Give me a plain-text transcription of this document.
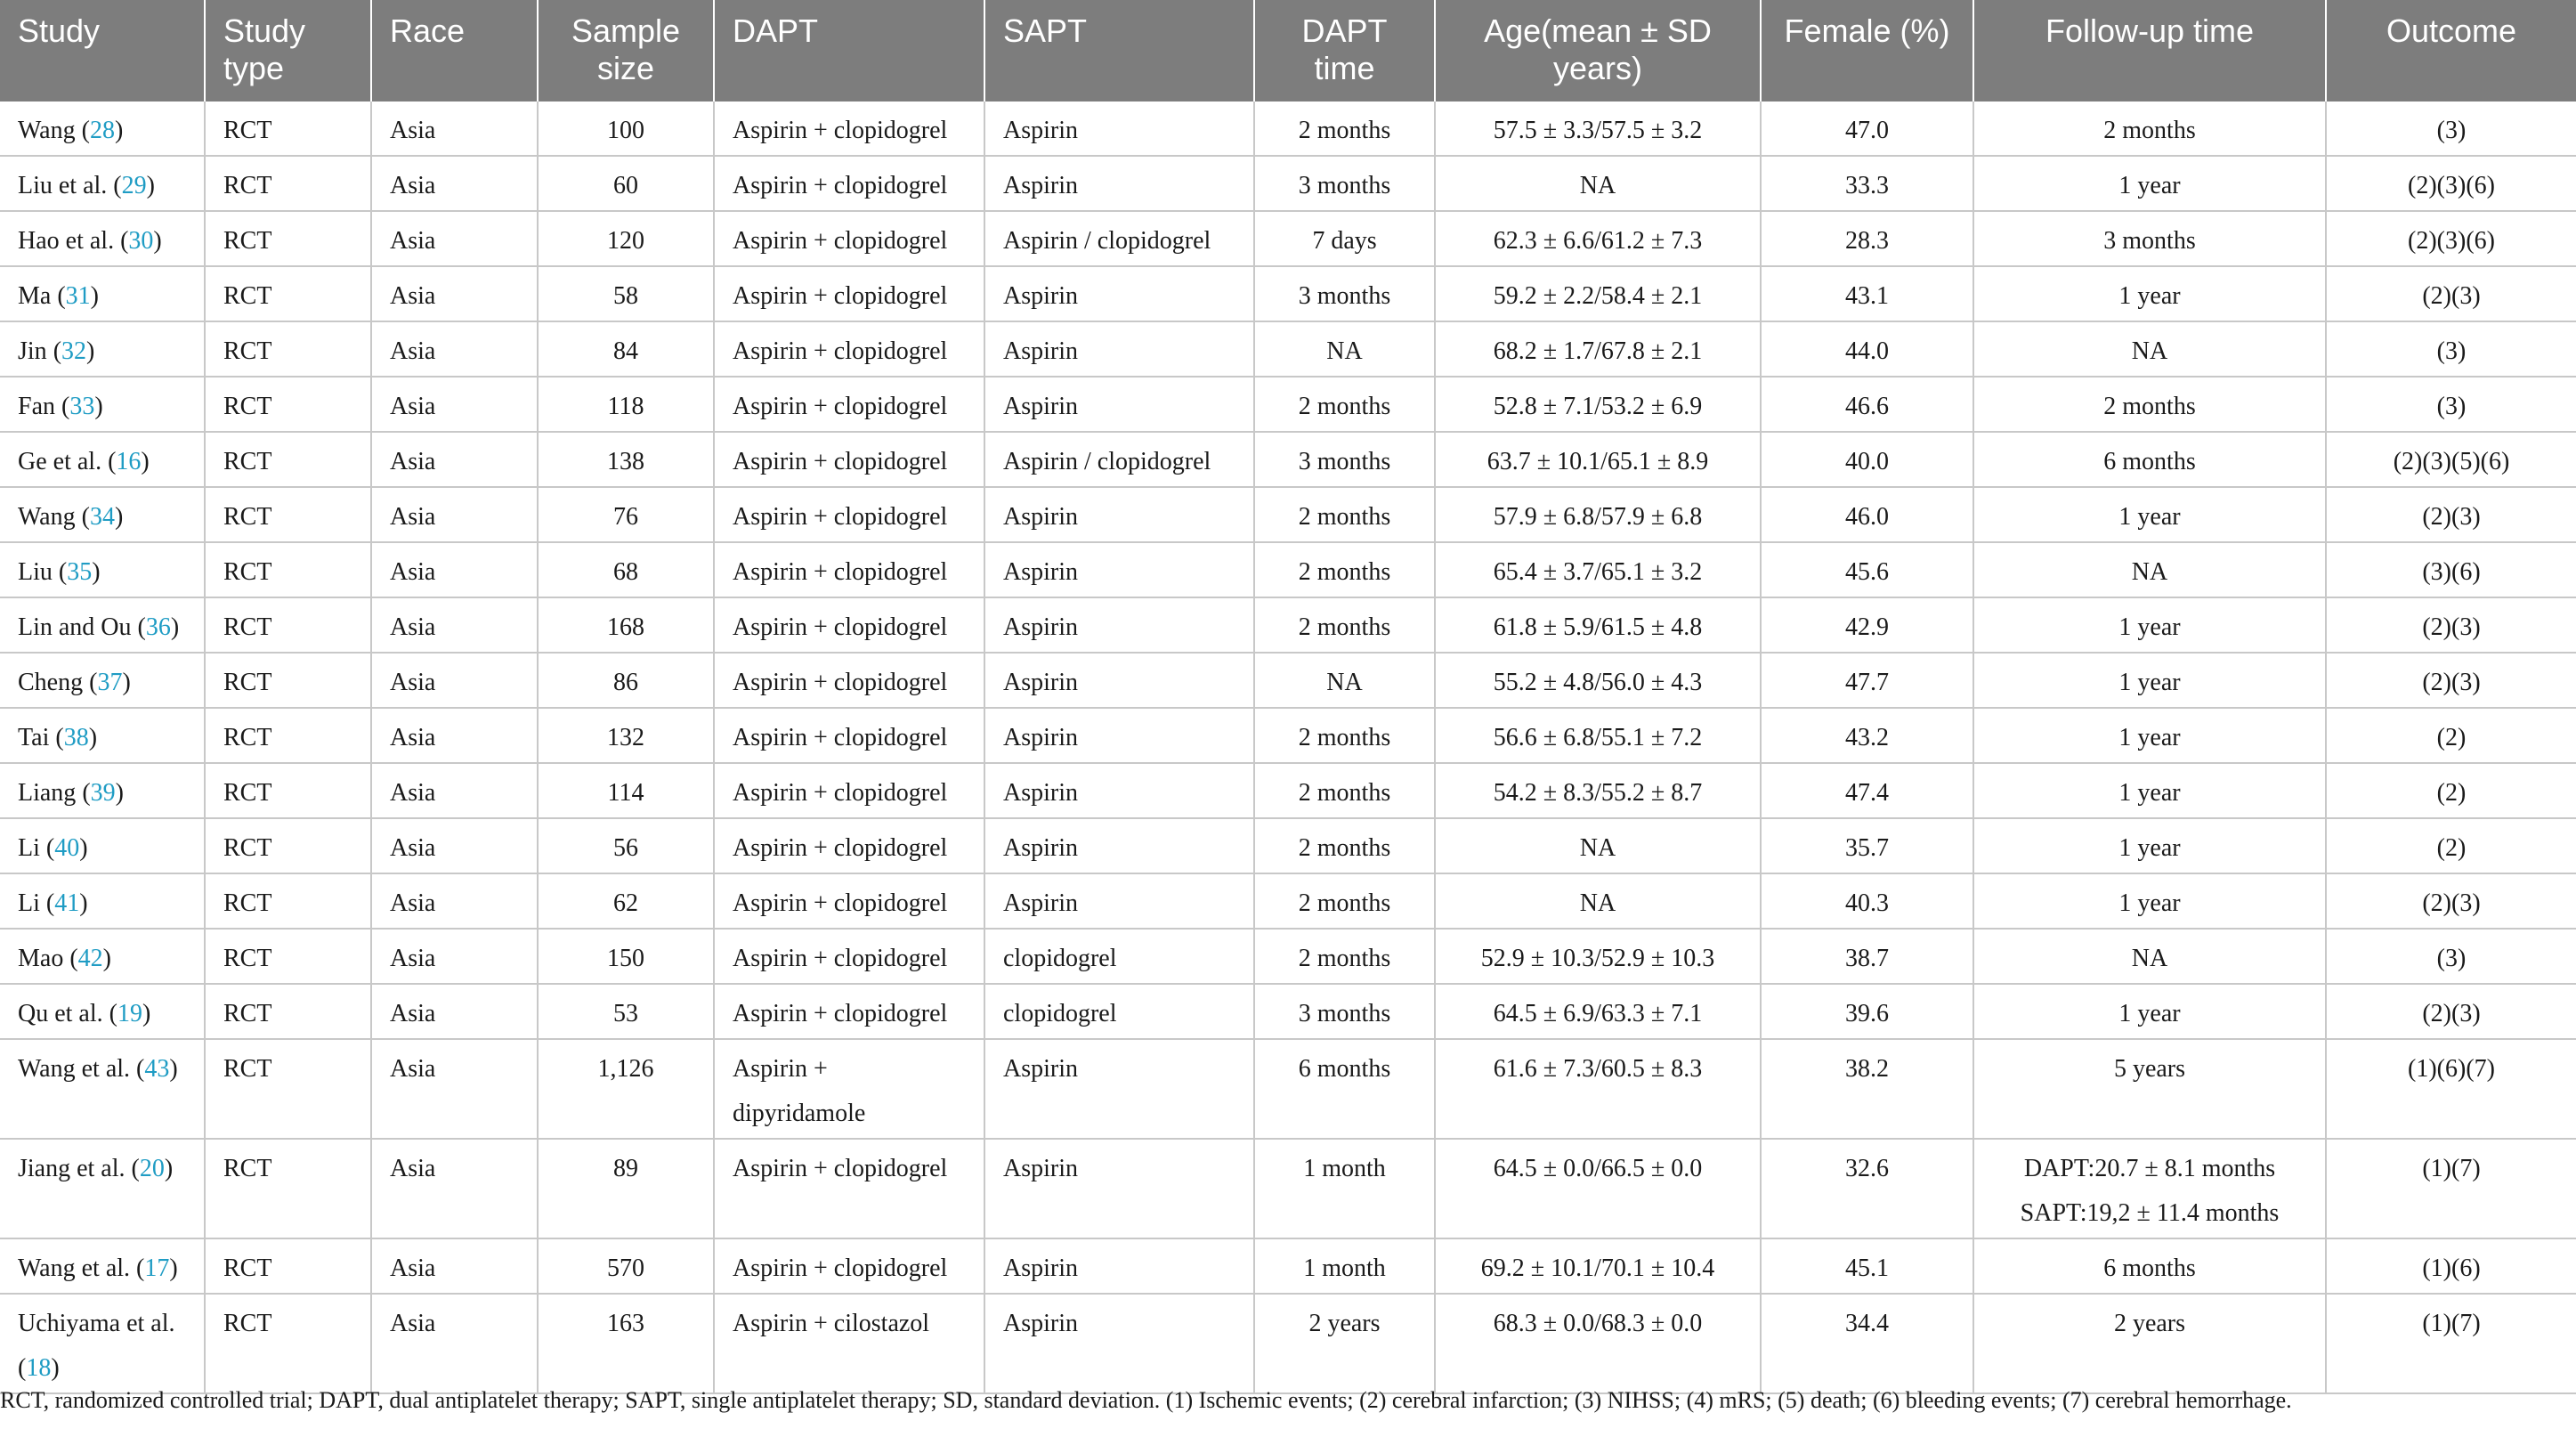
Study	Study type	Race	Sample size	DAPT	SAPT	DAPT time	Age(mean ± SD years)	Female (%)	Follow-up time	Outcome
Wang (28)	RCT	Asia	100	Aspirin + clopidogrel	Aspirin	2 months	57.5 ± 3.3/57.5 ± 3.2	47.0	2 months	(3)
Liu et al. (29)	RCT	Asia	60	Aspirin + clopidogrel	Aspirin	3 months	NA	33.3	1 year	(2)(3)(6)
Hao et al. (30)	RCT	Asia	120	Aspirin + clopidogrel	Aspirin / clopidogrel	7 days	62.3 ± 6.6/61.2 ± 7.3	28.3	3 months	(2)(3)(6)
Ma (31)	RCT	Asia	58	Aspirin + clopidogrel	Aspirin	3 months	59.2 ± 2.2/58.4 ± 2.1	43.1	1 year	(2)(3)
Jin (32)	RCT	Asia	84	Aspirin + clopidogrel	Aspirin	NA	68.2 ± 1.7/67.8 ± 2.1	44.0	NA	(3)
Fan (33)	RCT	Asia	118	Aspirin + clopidogrel	Aspirin	2 months	52.8 ± 7.1/53.2 ± 6.9	46.6	2 months	(3)
Ge et al. (16)	RCT	Asia	138	Aspirin + clopidogrel	Aspirin / clopidogrel	3 months	63.7 ± 10.1/65.1 ± 8.9	40.0	6 months	(2)(3)(5)(6)
Wang (34)	RCT	Asia	76	Aspirin + clopidogrel	Aspirin	2 months	57.9 ± 6.8/57.9 ± 6.8	46.0	1 year	(2)(3)
Liu (35)	RCT	Asia	68	Aspirin + clopidogrel	Aspirin	2 months	65.4 ± 3.7/65.1 ± 3.2	45.6	NA	(3)(6)
Lin and Ou (36)	RCT	Asia	168	Aspirin + clopidogrel	Aspirin	2 months	61.8 ± 5.9/61.5 ± 4.8	42.9	1 year	(2)(3)
Cheng (37)	RCT	Asia	86	Aspirin + clopidogrel	Aspirin	NA	55.2 ± 4.8/56.0 ± 4.3	47.7	1 year	(2)(3)
Tai (38)	RCT	Asia	132	Aspirin + clopidogrel	Aspirin	2 months	56.6 ± 6.8/55.1 ± 7.2	43.2	1 year	(2)
Liang (39)	RCT	Asia	114	Aspirin + clopidogrel	Aspirin	2 months	54.2 ± 8.3/55.2 ± 8.7	47.4	1 year	(2)
Li (40)	RCT	Asia	56	Aspirin + clopidogrel	Aspirin	2 months	NA	35.7	1 year	(2)
Li (41)	RCT	Asia	62	Aspirin + clopidogrel	Aspirin	2 months	NA	40.3	1 year	(2)(3)
Mao (42)	RCT	Asia	150	Aspirin + clopidogrel	clopidogrel	2 months	52.9 ± 10.3/52.9 ± 10.3	38.7	NA	(3)
Qu et al. (19)	RCT	Asia	53	Aspirin + clopidogrel	clopidogrel	3 months	64.5 ± 6.9/63.3 ± 7.1	39.6	1 year	(2)(3)
Wang et al. (43)	RCT	Asia	1,126	Aspirin + dipyridamole	Aspirin	6 months	61.6 ± 7.3/60.5 ± 8.3	38.2	5 years	(1)(6)(7)
Jiang et al. (20)	RCT	Asia	89	Aspirin + clopidogrel	Aspirin	1 month	64.5 ± 0.0/66.5 ± 0.0	32.6	DAPT:20.7 ± 8.1 months SAPT:19,2 ± 11.4 months	(1)(7)
Wang et al. (17)	RCT	Asia	570	Aspirin + clopidogrel	Aspirin	1 month	69.2 ± 10.1/70.1 ± 10.4	45.1	6 months	(1)(6)
Uchiyama et al. (18)	RCT	Asia	163	Aspirin + cilostazol	Aspirin	2 years	68.3 ± 0.0/68.3 ± 0.0	34.4	2 years	(1)(7)
RCT, randomized controlled trial; DAPT, dual antiplatelet therapy; SAPT, single antiplatelet therapy; SD, standard deviation. (1) Ischemic events; (2) cerebral infarction; (3) NIHSS; (4) mRS; (5) death; (6) bleeding events; (7) cerebral hemorrhage.
